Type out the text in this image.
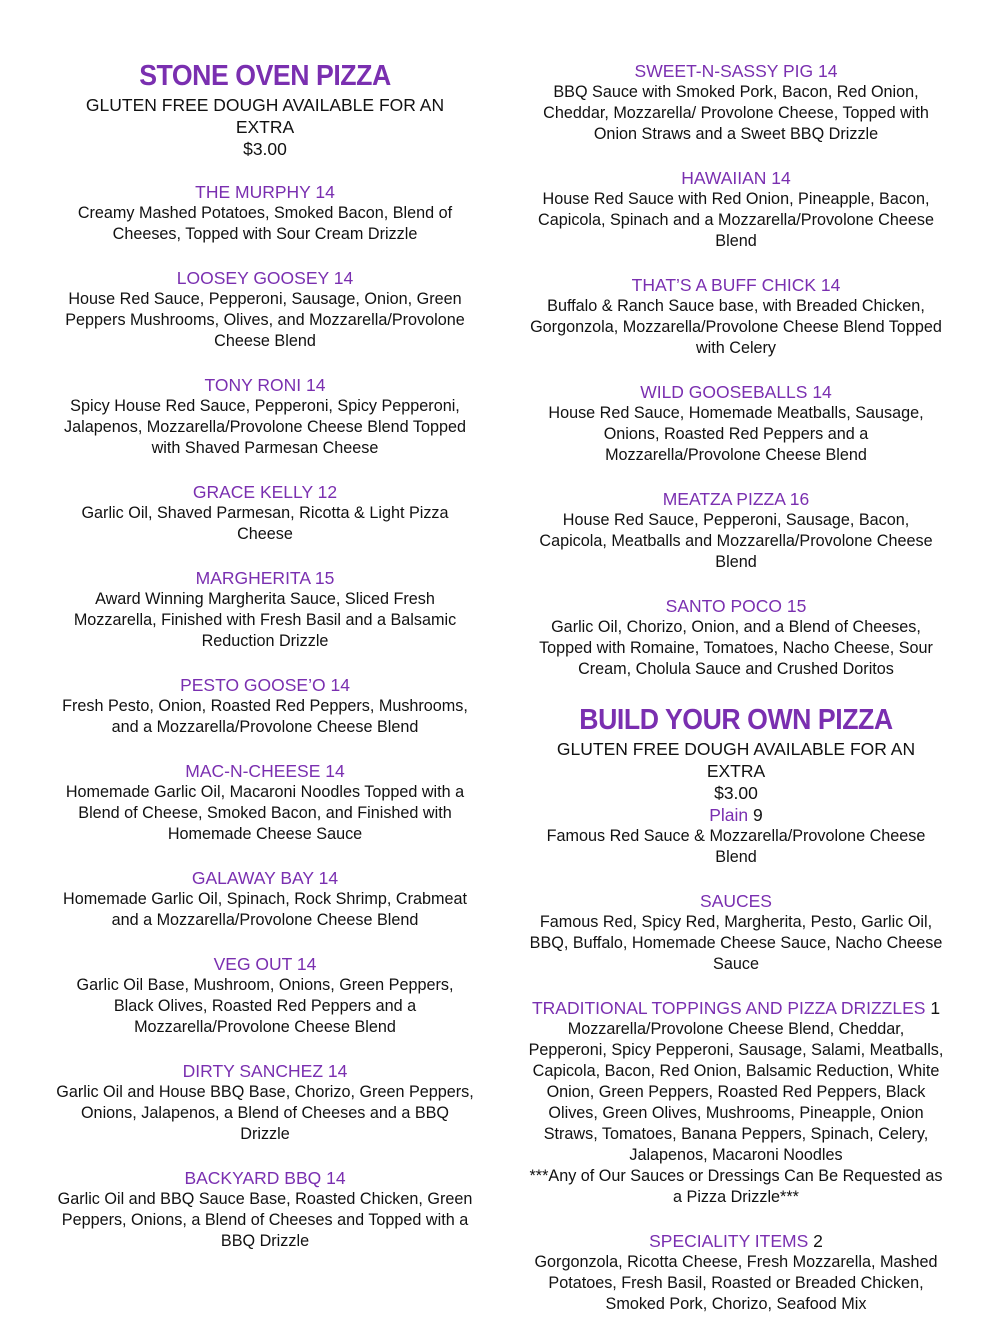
STONE OVEN PIZZA
GLUTEN FREE DOUGH AVAILABLE FOR AN EXTRA
$3.00
THE MURPHY 14
Creamy Mashed Potatoes, Smoked Bacon, Blend of Cheeses, Topped with Sour Cream Drizzle
LOOSEY GOOSEY 14
House Red Sauce, Pepperoni, Sausage, Onion, Green Peppers Mushrooms, Olives, and Mozzarella/Provolone Cheese Blend
TONY RONI 14
Spicy House Red Sauce, Pepperoni, Spicy Pepperoni, Jalapenos, Mozzarella/Provolone Cheese Blend Topped with Shaved Parmesan Cheese
GRACE KELLY 12
Garlic Oil, Shaved Parmesan, Ricotta & Light Pizza Cheese
MARGHERITA 15
Award Winning Margherita Sauce, Sliced Fresh Mozzarella, Finished with Fresh Basil and a Balsamic Reduction Drizzle
PESTO GOOSE’O 14
Fresh Pesto, Onion, Roasted Red Peppers, Mushrooms, and a Mozzarella/Provolone Cheese Blend
MAC-N-CHEESE 14
Homemade Garlic Oil, Macaroni Noodles Topped with a Blend of Cheese, Smoked Bacon, and Finished with Homemade Cheese Sauce
GALAWAY BAY 14
Homemade Garlic Oil, Spinach, Rock Shrimp, Crabmeat and a Mozzarella/Provolone Cheese Blend
VEG OUT 14
Garlic Oil Base, Mushroom, Onions, Green Peppers, Black Olives, Roasted Red Peppers and a Mozzarella/Provolone Cheese Blend
DIRTY SANCHEZ 14
Garlic Oil and House BBQ Base, Chorizo, Green Peppers, Onions, Jalapenos, a Blend of Cheeses and a BBQ Drizzle
BACKYARD BBQ 14
Garlic Oil and BBQ Sauce Base, Roasted Chicken, Green Peppers, Onions, a Blend of Cheeses and Topped with a BBQ Drizzle
SWEET-N-SASSY PIG 14
BBQ Sauce with Smoked Pork, Bacon, Red Onion, Cheddar, Mozzarella/ Provolone Cheese, Topped with Onion Straws and a Sweet BBQ Drizzle
HAWAIIAN 14
House Red Sauce with Red Onion, Pineapple, Bacon, Capicola, Spinach and a Mozzarella/Provolone Cheese Blend
THAT’S A BUFF CHICK 14
Buffalo & Ranch Sauce base, with Breaded Chicken, Gorgonzola, Mozzarella/Provolone Cheese Blend Topped with Celery
WILD GOOSEBALLS 14
House Red Sauce, Homemade Meatballs, Sausage, Onions, Roasted Red Peppers and a Mozzarella/Provolone Cheese Blend
MEATZA PIZZA 16
House Red Sauce, Pepperoni, Sausage, Bacon, Capicola, Meatballs and Mozzarella/Provolone Cheese Blend
SANTO POCO 15
Garlic Oil, Chorizo, Onion, and a Blend of Cheeses, Topped with Romaine, Tomatoes, Nacho Cheese, Sour Cream, Cholula Sauce and Crushed Doritos
BUILD YOUR OWN PIZZA
GLUTEN FREE DOUGH AVAILABLE FOR AN EXTRA
$3.00
Plain 9
Famous Red Sauce & Mozzarella/Provolone Cheese Blend
SAUCES
Famous Red, Spicy Red, Margherita, Pesto, Garlic Oil, BBQ, Buffalo, Homemade Cheese Sauce, Nacho Cheese Sauce
TRADITIONAL TOPPINGS AND PIZZA DRIZZLES 1
Mozzarella/Provolone Cheese Blend, Cheddar, Pepperoni, Spicy Pepperoni, Sausage, Salami, Meatballs, Capicola, Bacon, Red Onion, Balsamic Reduction, White Onion, Green Peppers, Roasted Red Peppers, Black Olives, Green Olives, Mushrooms, Pineapple, Onion Straws, Tomatoes, Banana Peppers, Spinach, Celery, Jalapenos, Macaroni Noodles
***Any of Our Sauces or Dressings Can Be Requested as a Pizza Drizzle***
SPECIALITY ITEMS 2
Gorgonzola, Ricotta Cheese, Fresh Mozzarella, Mashed Potatoes, Fresh Basil, Roasted or Breaded Chicken, Smoked Pork, Chorizo, Seafood Mix
